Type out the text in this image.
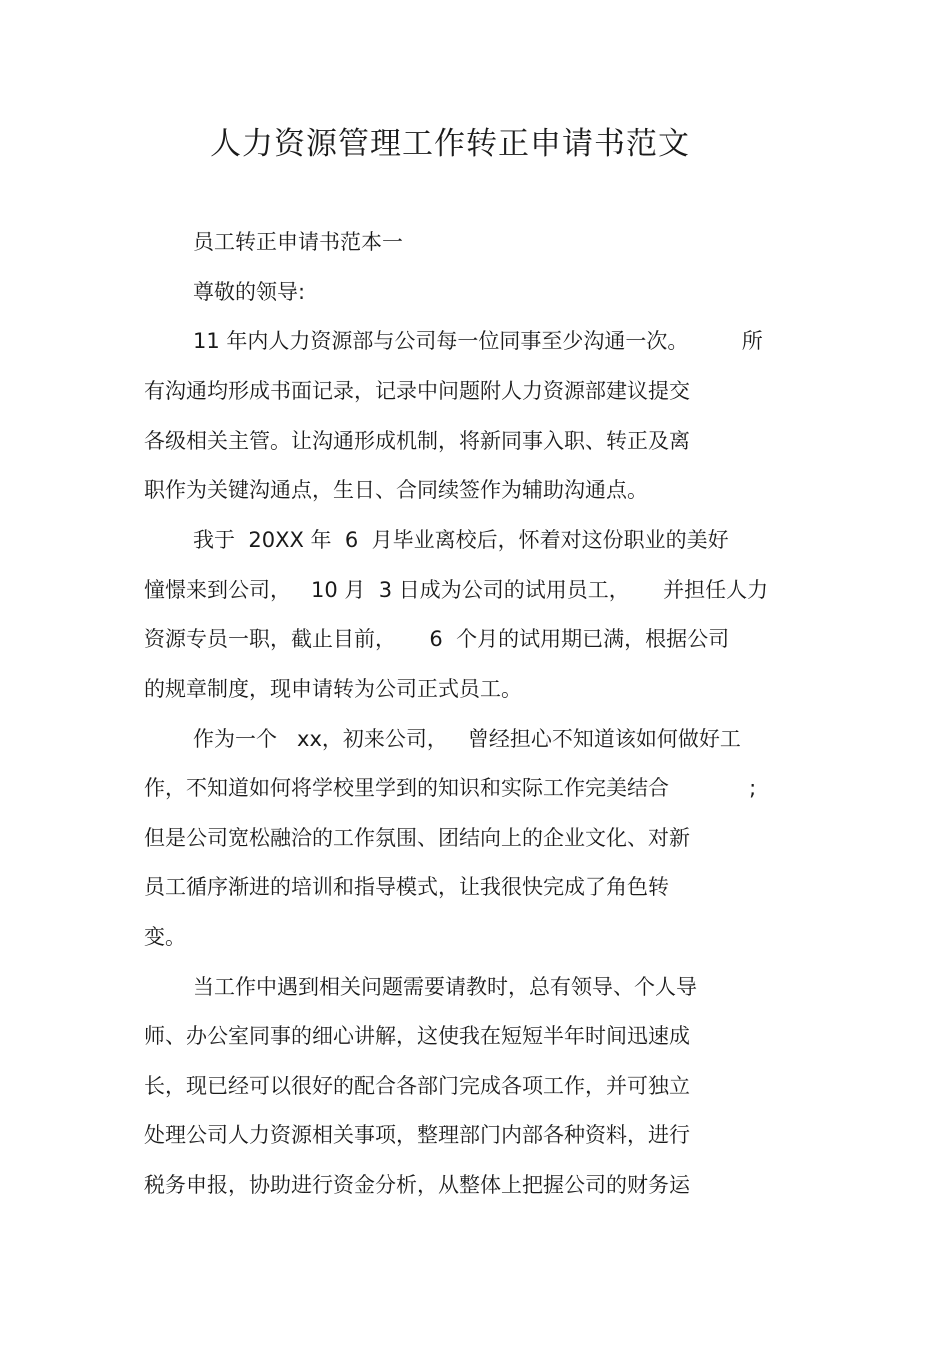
人力资源管理工作转正申请书范文
员工转正申请书范本一
尊敬的领导:
11 年内人力资源部与公司每一位同事至少沟通一次。        所
有沟通均形成书面记录，记录中问题附人力资源部建议提交
各级相关主管。让沟通形成机制，将新同事入职、转正及离
职作为关键沟通点，生日、合同续签作为辅助沟通点。
我于  20XX 年  6  月毕业离校后，怀着对这份职业的美好
憧憬来到公司，   10 月  3 日成为公司的试用员工，     并担任人力
资源专员一职，截止目前，     6  个月的试用期已满，根据公司
的规章制度，现申请转为公司正式员工。
作为一个   xx，初来公司，   曾经担心不知道该如何做好工
作，不知道如何将学校里学到的知识和实际工作完美结合            ;
但是公司宽松融洽的工作氛围、团结向上的企业文化、对新
员工循序渐进的培训和指导模式，让我很快完成了角色转
变。
当工作中遇到相关问题需要请教时，总有领导、个人导
师、办公室同事的细心讲解，这使我在短短半年时间迅速成
长，现已经可以很好的配合各部门完成各项工作，并可独立
处理公司人力资源相关事项，整理部门内部各种资料，进行
税务申报，协助进行资金分析，从整体上把握公司的财务运
